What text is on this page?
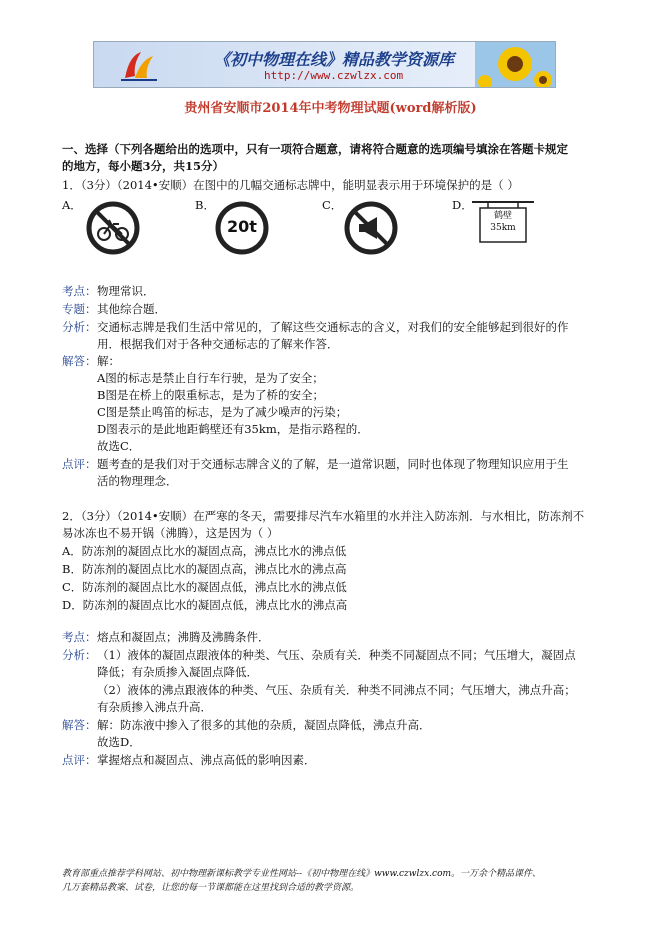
《初中物理在线》精品教学资源库
http://www.czwlzx.com
贵州省安顺市2014年中考物理试题(word解析版)
一、选择（下列各题给出的选项中，只有一项符合题意，请将符合题意的选项编号填涂在答题卡规定
的地方，每小题3分，共15分）
1．（3分）（2014•安顺）在图中的几幅交通标志牌中，能明显表示用于环境保护的是（ ）
A．	B．	C．	D．
20t
鹤壁
35km
考点： 物理常识．
专题： 其他综合题．
分析： 交通标志牌是我们生活中常见的，了解这些交通标志的含义，对我们的安全能够起到很好的作
用．根据我们对于各种交通标志的了解来作答．
解答： 解：
A图的标志是禁止自行车行驶，是为了安全；
B图是在桥上的限重标志，是为了桥的安全；
C图是禁止鸣笛的标志，是为了减少噪声的污染；
D图表示的是此地距鹤壁还有35km，是指示路程的．
故选C．
点评： 题考查的是我们对于交通标志牌含义的了解，是一道常识题，同时也体现了物理知识应用于生
活的物理理念．
2．（3分）（2014•安顺）在严寒的冬天，需要排尽汽车水箱里的水并注入防冻剂．与水相比，防冻剂不
易冰冻也不易开锅（沸腾），这是因为（ ）
A．防冻剂的凝固点比水的凝固点高，沸点比水的沸点低
B．防冻剂的凝固点比水的凝固点高，沸点比水的沸点高
C．防冻剂的凝固点比水的凝固点低，沸点比水的沸点低
D．防冻剂的凝固点比水的凝固点低，沸点比水的沸点高
考点： 熔点和凝固点；沸腾及沸腾条件．
分析： （1）液体的凝固点跟液体的种类、气压、杂质有关．种类不同凝固点不同；气压增大，凝固点
降低；有杂质掺入凝固点降低．
（2）液体的沸点跟液体的种类、气压、杂质有关．种类不同沸点不同；气压增大，沸点升高；
有杂质掺入沸点升高．
解答： 解：防冻液中掺入了很多的其他的杂质，凝固点降低，沸点升高．
故选D．
点评： 掌握熔点和凝固点、沸点高低的影响因素．
教育部重点推荐学科网站、初中物理新课标教学专业性网站--《初中物理在线》www.czwlzx.com。一万余个精品课件、
几万套精品教案、试卷，让您的每一节课都能在这里找到合适的教学资源。
